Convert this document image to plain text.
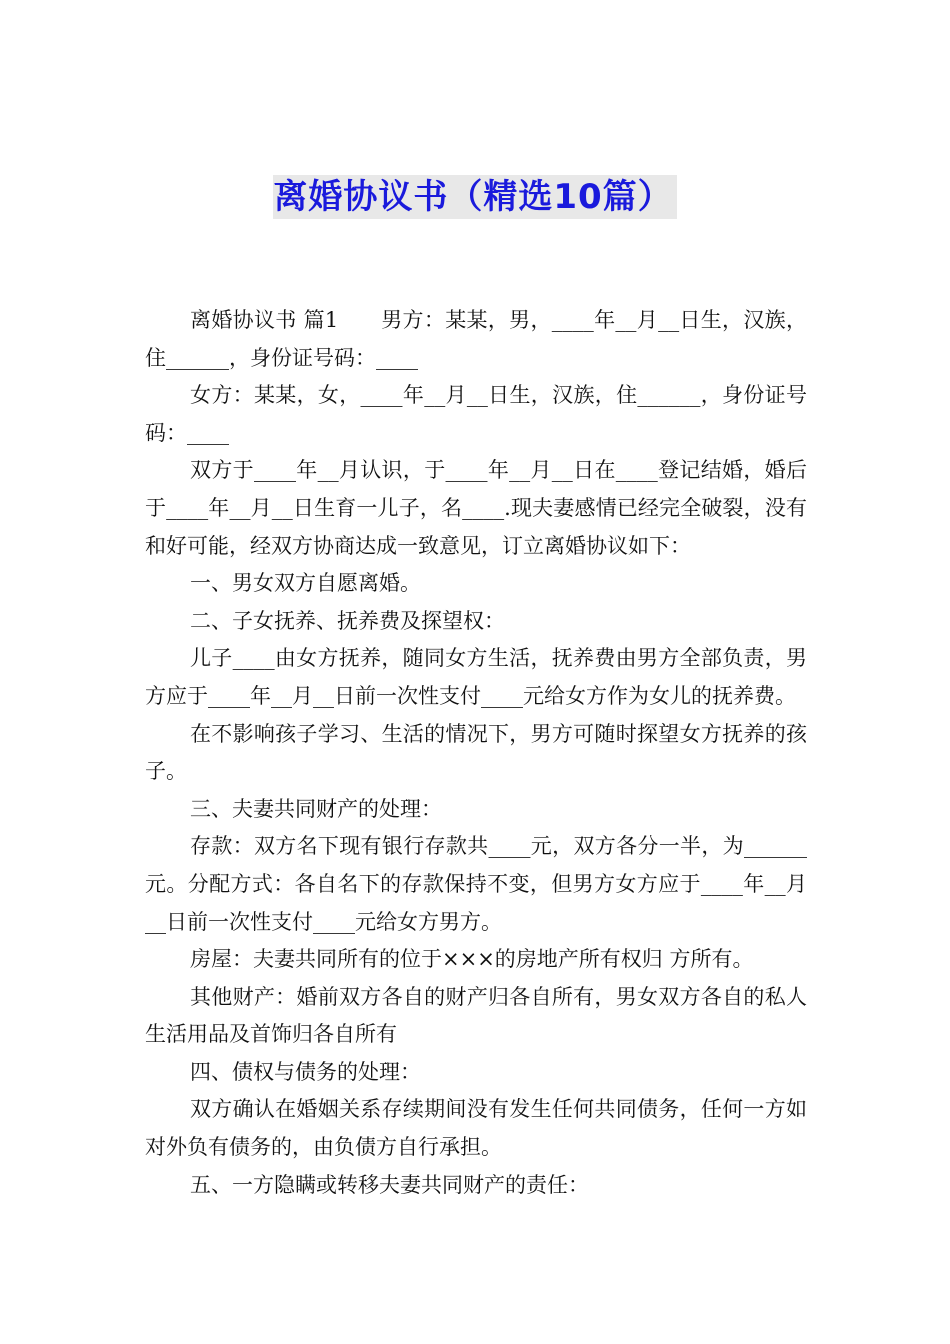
离婚协议书（精选10篇）

离婚协议书 篇1　　男方：某某，男，____年__月__日生，汉族，住______，身份证号码：____

女方：某某，女，____年__月__日生，汉族，住______，身份证号码：____

双方于____年__月认识，于____年__月__日在____登记结婚，婚后于____年__月__日生育一儿子，名____.现夫妻感情已经完全破裂，没有和好可能，经双方协商达成一致意见，订立离婚协议如下：

一、男女双方自愿离婚。

二、子女抚养、抚养费及探望权：

儿子____由女方抚养，随同女方生活，抚养费由男方全部负责，男方应于____年__月__日前一次性支付____元给女方作为女儿的抚养费。

在不影响孩子学习、生活的情况下，男方可随时探望女方抚养的孩子。

三、夫妻共同财产的处理：

存款：双方名下现有银行存款共____元，双方各分一半，为______元。分配方式：各自名下的存款保持不变，但男方女方应于____年__月__日前一次性支付____元给女方男方。

房屋：夫妻共同所有的位于×××的房地产所有权归 方所有。

其他财产：婚前双方各自的财产归各自所有，男女双方各自的私人生活用品及首饰归各自所有

四、债权与债务的处理：

双方确认在婚姻关系存续期间没有发生任何共同债务，任何一方如对外负有债务的，由负债方自行承担。

五、一方隐瞒或转移夫妻共同财产的责任：
